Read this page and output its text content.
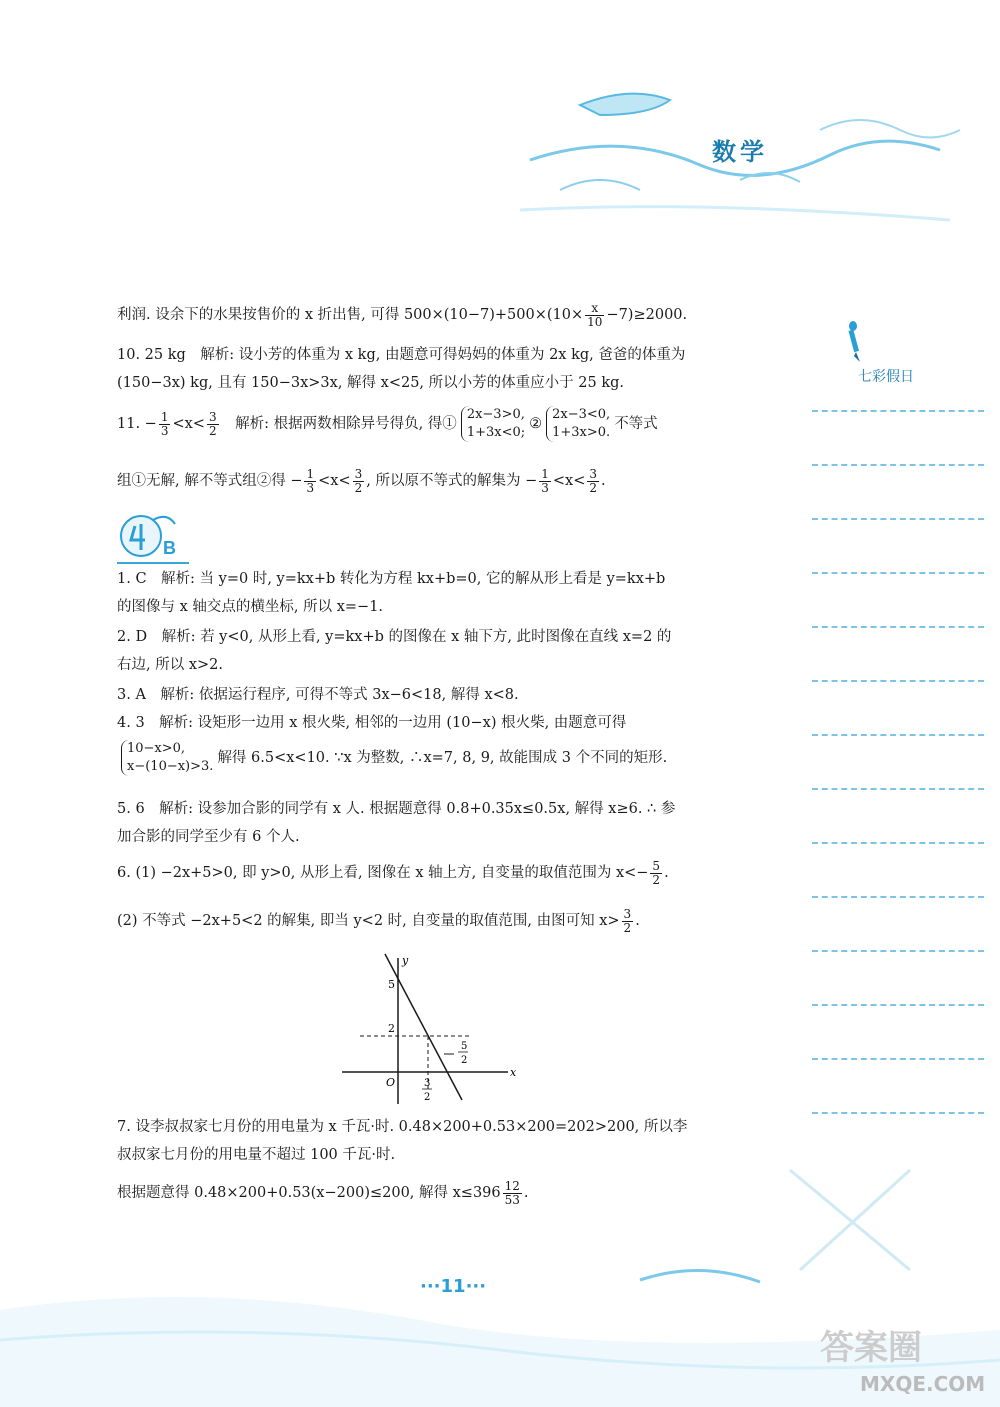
数学
七彩假日
利润. 设余下的水果按售价的 x 折出售, 可得 $500\times(10-7)+500\times(10\times \frac{x}{10} -7)\ge 2000$.
10. 25 kg　解析: 设小芳的体重为 x kg, 由题意可得妈妈的体重为 2x kg, 爸爸的体重为
(150−3x) kg, 且有 150−3x>3x, 解得 x<25, 所以小芳的体重应小于 25 kg.
11. − $\frac{1}{3} <x< \frac{3}{2}$ 　解析: 根据两数相除异号得负, 得①
2x−3>0,
1+3x<0;
②
2x−3<0,
1+3x>0.
不等式
组①无解, 解不等式组②得 − $\frac{1}{3} <x< \frac{3}{2}$ , 所以原不等式的解集为 − $\frac{1}{3} <x< \frac{3}{2}$ .
1. C　解析: 当 y=0 时, y=kx+b 转化为方程 kx+b=0, 它的解从形上看是 y=kx+b
的图像与 x 轴交点的横坐标, 所以 x=−1.
2. D　解析: 若 y<0, 从形上看, y=kx+b 的图像在 x 轴下方, 此时图像在直线 x=2 的
右边, 所以 x>2.
3. A　解析: 依据运行程序, 可得不等式 3x−6<18, 解得 x<8.
4. 3　解析: 设矩形一边用 x 根火柴, 相邻的一边用 (10−x) 根火柴, 由题意可得
10−x>0,
x−(10−x)>3.
解得 6.5<x<10. ∵x 为整数, ∴x=7, 8, 9, 故能围成 3 个不同的矩形.
5. 6　解析: 设参加合影的同学有 x 人. 根据题意得 0.8+0.35x≤0.5x, 解得 x≥6. ∴ 参
加合影的同学至少有 6 个人.
6. (1) −2x+5>0, 即 y>0, 从形上看, 图像在 x 轴上方, 自变量的取值范围为 $x<- \frac{5}{2}$ .
(2) 不等式 −2x+5<2 的解集, 即当 y<2 时, 自变量的取值范围, 由图可知 $x> \frac{3}{2}$ .
7. 设李叔叔家七月份的用电量为 x 千瓦·时. 0.48×200+0.53×200=202>200, 所以李
叔叔家七月份的用电量不超过 100 千瓦·时.
根据题意得 0.48×200+0.53(x−200)≤200, 解得 $x\le 396 \frac{12}{53}$ .
B
x
y
O
5
2
3
2
5
2
···11···
答案圈
MXQE.COM
